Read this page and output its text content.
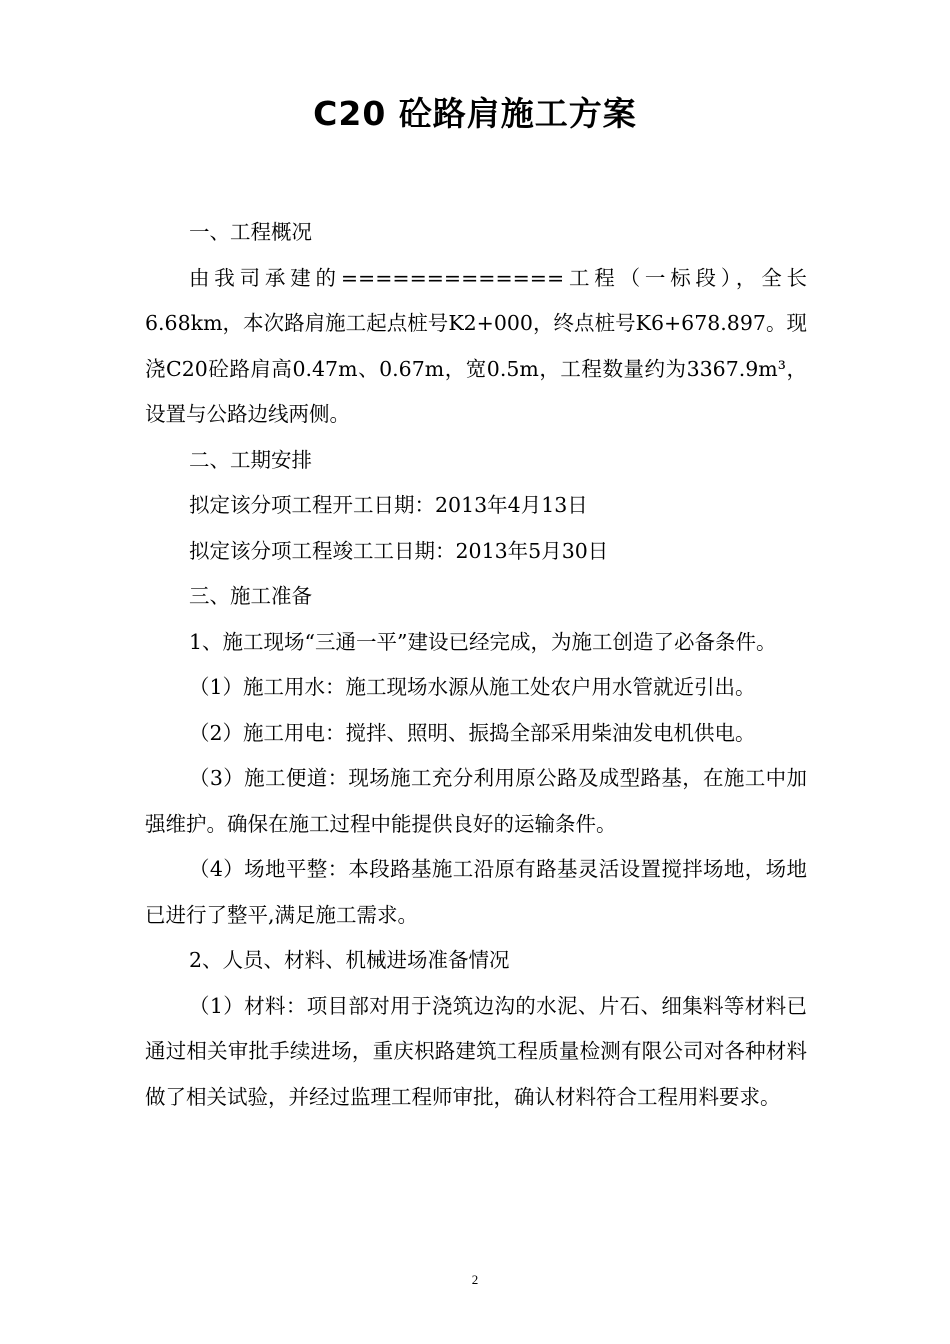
C20 砼路肩施工方案

一、工程概况

由我司承建的=============工程（一标段），全长6.68km，本次路肩施工起点桩号K2+000，终点桩号K6+678.897。现浇C20砼路肩高0.47m、0.67m，宽0.5m，工程数量约为3367.9m³，设置与公路边线两侧。

二、工期安排

拟定该分项工程开工日期：2013年4月13日

拟定该分项工程竣工工日期：2013年5月30日

三、施工准备

1、施工现场“三通一平”建设已经完成，为施工创造了必备条件。

（1）施工用水：施工现场水源从施工处农户用水管就近引出。

（2）施工用电：搅拌、照明、振捣全部采用柴油发电机供电。

（3）施工便道：现场施工充分利用原公路及成型路基，在施工中加强维护。确保在施工过程中能提供良好的运输条件。

（4）场地平整：本段路基施工沿原有路基灵活设置搅拌场地，场地已进行了整平,满足施工需求。

2、人员、材料、机械进场准备情况

（1）材料：项目部对用于浇筑边沟的水泥、片石、细集料等材料已通过相关审批手续进场，重庆枳路建筑工程质量检测有限公司对各种材料做了相关试验，并经过监理工程师审批，确认材料符合工程用料要求。

2
